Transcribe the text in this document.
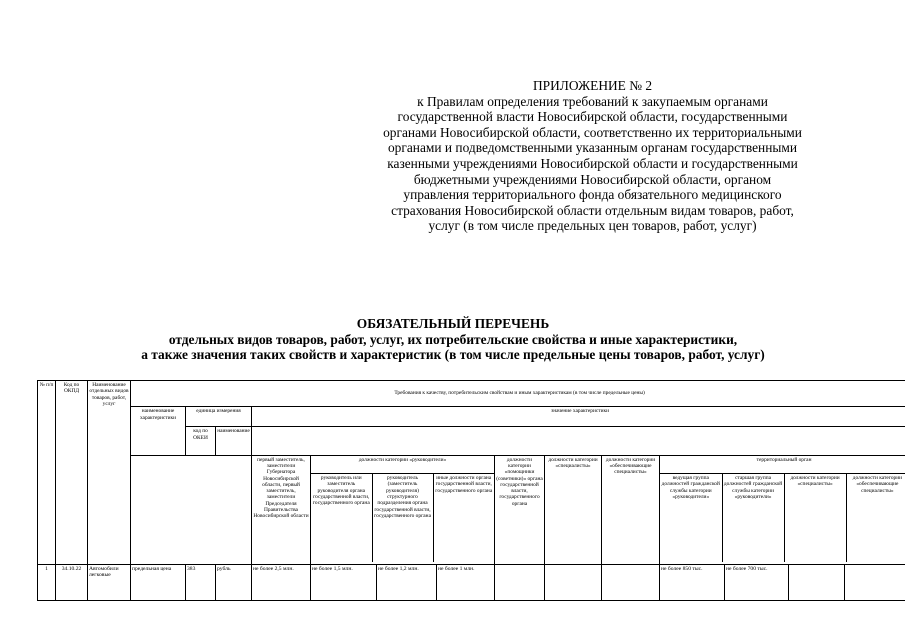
ПРИЛОЖЕНИЕ № 2
к Правилам определения требований к закупаемым органами
государственной власти Новосибирской области, государственными
органами Новосибирской области, соответственно их территориальными
органами и подведомственными указанным органам государственными
казенными учреждениями Новосибирской области и государственными
бюджетными учреждениями Новосибирской области, органом
управления территориального фонда обязательного медицинского
страхования Новосибирской области отдельным видам товаров, работ,
услуг (в том числе предельных цен товаров, работ, услуг)
ОБЯЗАТЕЛЬНЫЙ ПЕРЕЧЕНЬ
отдельных видов товаров, работ, услуг, их потребительские свойства и иные характеристики,
а также значения таких свойств и характеристик (в том числе предельные цены товаров, работ, услуг)
№ п/п	Код по ОКПД	Наименование отдельных видов товаров, работ, услуг	Требования к качеству, потребительским свойствам и иным характеристикам (в том числе предельные цены)
наименование характеристики	единица измерения	значение характеристики
код по ОКЕИ	наименование	
	первый заместитель, заместители Губернатора Новосибирской области, первый заместитель, заместители Председателя Правительства Новосибирской области	
должности категории «руководители»
руководитель или заместитель руководителя органа государственной власти, государственного органа	руководитель (заместитель руководителя) структурного подразделения органа государственной власти, государственного органа	иные должности органа государственной власти, государственного органа
	должности категории «помощники (советники)» органа государственной власти, государственного органа	должности категории «специалисты»	должности категории «обеспечивающие специалисты»	
территориальный орган
ведущая группа должностей гражданской службы категории «руководители»	старшая группа должностей гражданской службы категории «руководители»	должности категории «специалисты»	должности категории «обеспечивающие специалисты»

1	34.10.22	Автомобили легковые	предельная цена	383	рубль	не более 2,5 млн.	не более 1,5 млн.	не более 1,2 млн.	не более 1 млн.				не более 850 тыс.	не более 700 тыс.		
